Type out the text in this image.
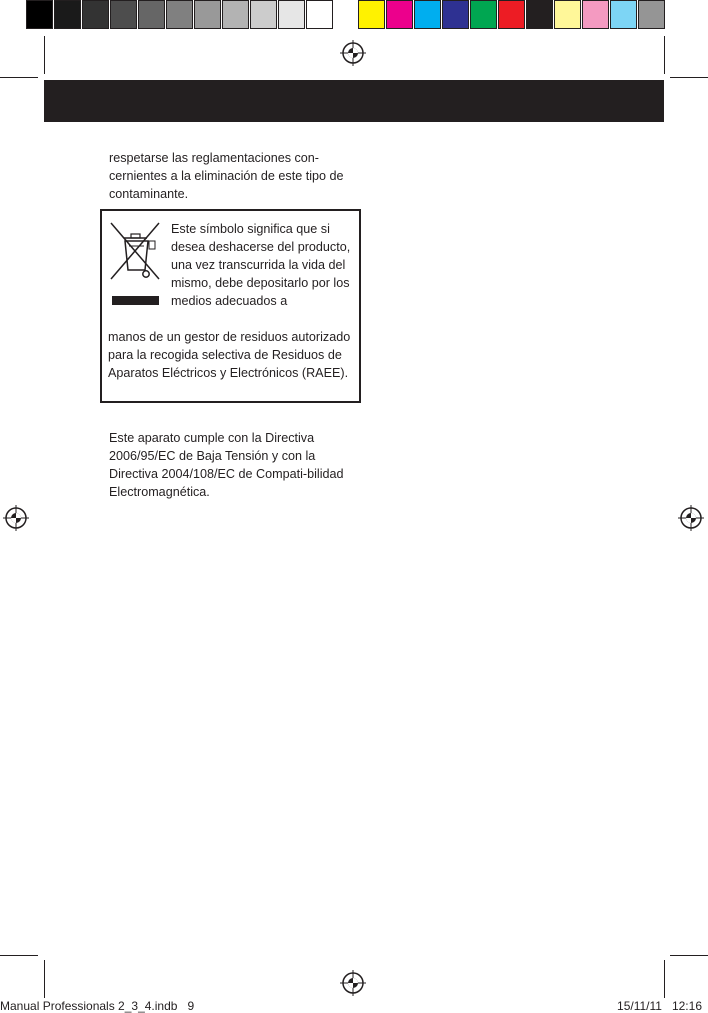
respetarse las reglamentaciones con-cernientes a la eliminación de este tipo de contaminante.
Este símbolo significa que si desea deshacerse del producto, una vez transcurrida la vida del mismo, debe depositarlo por los medios adecuados a
manos de un gestor de residuos autorizado para la recogida selectiva de Residuos de Aparatos Eléctricos y Electrónicos (RAEE).
Este aparato cumple con la Directiva 2006/95/EC de Baja Tensión y con la Directiva 2004/108/EC de Compati-bilidad Electromagnética.
Manual Professionals 2_3_4.indb   9	15/11/11   12:16
